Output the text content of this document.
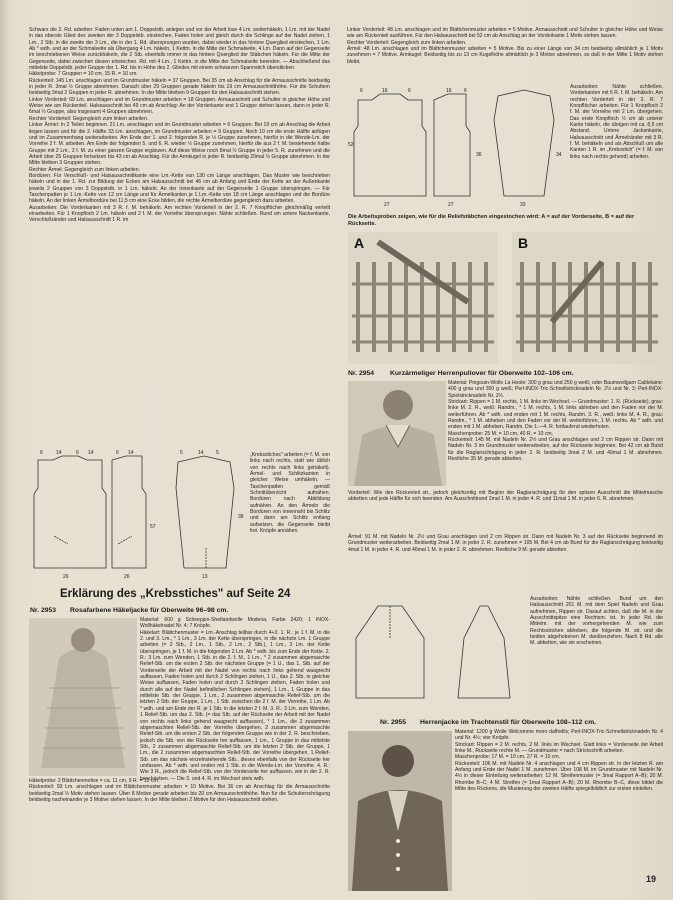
Schwarz die 2. Rd. arbeiten: Faden unten am 1. Doppelstb. anlegen und vor der Arbeit lose 4 Lm. weiterhäkeln, 1 Lm. mit der Nadel in das oberste Glied des zweiten der 3 Doppelstb. einstechen, Faden holen und gleich durch die Schlinge auf der Nadel ziehen, 1 Lm., 2 Stb. in die zweite der 3 Lm., die in der 1. Rd. übersprungen wurden, dabei wieder in das hintere Querglied einstechen, 1 Lm. Ab * wdh. und an der Schmalseite als Übergang 4 Lm. häkeln, 1 Kettm. in die Mitte der Schmalseite, 4 Lm. Dann auf der Gegenseite im beschriebenen Weise zurückhäkeln, die 2 Stb. ebenfalls immer in das hintere Querglied der Stäbchen häkeln. Für die Mitte der Gegenseite, dabei zwischen diesen einstechen. Rd. mit 4 Lm., 1 Kettm. in die Mitte der Schmalseite beenden. — Abschließend das mittelste Doppelstb. jeder Gruppe der 1. Rd. bis in Höhe des 2. Gliedes mit einem schwarzen Spannstich überstiicken.

Häkelprobe: 7 Gruppen = 10 cm, 15 R. = 10 cm.

Rückenteil: 145 Lm. anschlagen und im Grundmuster häkeln = 37 Gruppen. Bei 35 cm ab Anschlag für die Armausschnitte beidseitig in jeder R. 3mal ½ Gruppe abnehmen. Danach über 29 Gruppen gerade häkeln bis 19 cm Armausschnitthöhe. Für die Schultern beidseitig 3mal 2 Gruppen in jeder R. abnehmen. In der Mitte bleiben 9 Gruppen für den Halsausschnitt stehen.

Linker Vorderteil: 69 Lm. anschlagen und im Grundmuster arbeiten = 18 Gruppen. Armausschnitt und Schulter in gleicher Höhe und Weise wie am Rückenteil. Halsausschnitt bei 49 cm ab Anschlag: An der Vorderkante erst 1 Gruppe stehen lassen, dann in jeder R. 6mal ½ Gruppe, also insgesamt 4 Gruppen abnehmen.

Rechter Vorderteil: Gegengleich zum linken arbeiten.

Linker Ärmel: In 2 Teilen beginnen. 21 Lm. anschlagen und im Grundmuster arbeiten = 6 Gruppen. Bei 19 cm ab Anschlag die Arbeit liegen lassen und für die 2. Hälfte 33 Lm. anschlagen, im Grundmuster arbeiten = 9 Gruppen. Noch 10 cm die erste Hälfte anfügen und im Zusammenhang weiterarbeiten. Am Ende der 1. und 2. folgenden R. je ½ Gruppe zunehmen, hierfür in die Wende-Lm. der Vorreihe 2 f. M. arbeiten. Am Ende der folgenden 5. und 6. R. wieder ½ Gruppe zunehmen, hierfür die aus 2 f. M. bestehende halbe Gruppe mit 2 Lm., 2 f. M. zu einer ganzen Gruppe ergänzen. Auf diese Weise noch 8mal ½ Gruppe in jeder 5. R. zunehmen und die Arbeit über 25 Gruppen fortsetzen bis 43 cm ab Anschlag. Für die Armkugel in jeder R. beidseitig 20mal ½ Gruppe abnehmen. In der Mitte bleiben 3 Gruppen stehen.

Rechter Ärmel: Gegengleich zum linken arbeiten.

Bordüren: Für Verschluß- und Halsausschnittkante eine Lm.-Kette von 130 cm Länge anschlagen. Das Muster wie beschrieben häkeln und in der 1. Rd. zur Bildung der Ecken am Halsausschnitt bei 46 cm ab Anfang und Ende der Kette an der Außenkante jeweils 2 Gruppen von 3 Doppelstb. in 1 Lm. häkeln. An der Innenkante auf der Gegenseite 1 Gruppe überspringen. — Für Taschenpatten je 1 Lm.-Kette von 12 cm Länge und für Ärmelkanten je 1 Lm.-Kette von 18 cm Länge anschlagen und die Bordüre häkeln. An der linken Ärmelbordüre bei 11,5 cm eine Ecke bilden, die rechte Ärmelbordüre gegengleich dazu arbeiten.

Ausarbeiten: Die Vorderkanten mit 3 R. f. M. behäkeln. Am rechten Vorderteil in der 2. R. 7 Knopflöcher gleichmäßig verteilt einarbeiten. Für 1 Knopfloch 2 Lm. häkeln und 2 f. M. der Vorreihe übersprungen. Nähte schließen. Rund um untere Nackenkante, Verschlußränder und Halsausschnitt 1 R. im

6	14	6 14	6 14	5	14 5
57
38
26	26	13

„Krebsstiches" arbeiten (= f. M. von links nach rechts, statt wie üblich von rechts nach links gehäkelt). Ärmel- und Schlitzkanten in gleicher Weise umhäkeln. — Taschenpatten gemäß Schnittüberzicht aufnähen. Bordüren nach Abbildung aufnähen. An den Ärmeln die Bordüren von innennaht bis Schlitz und dann am Schlitz entlang aufsetzen, die Gegenseite bleibt frei. Knöpfe annähen.

Erklärung des „Krebsstiches" auf Seite 24
Nr. 2953 Rosafarbene Häkeljacke für Oberweite 96–98 cm.

Material: 600 g Scheepjes-Shetlandwolle Modena, Farbe 2420; 1 INOX-Wollhäkelnadel Nr. 4; 7 Knöpfe.

Häkelart: Blättchenmuster = Lm.-Anschlag teilbar durch 4+3. 1. R.: je 1 f. M. in die 2. und 3. Lm., * 1 Lm., 3 Lm. der Kette überspringen, in die nächste Lm. 1 Gruppe arbeiten (= 2 Stb., 2 Lm., 1 Stb., 2 Lm., 2 Stb.), 1 Lm., 3 Lm. der Kette überspringen, je 1 f. M. in die folgenden 2 Lm. Ab * wdh. bis zum Ende der Kette. 2. R.: 3 Lm. zum Wenden, 1 Stb. in die 2. f. M., 1 Lm., * 2 zusammen abgemaschte Relief-Stb. um die ersten 2 Stb. der nächsten Gruppe (= 1 U., das 1. Stb. auf der Vorderseite der Arbeit mit der Nadel von rechts nach links gehend waagrecht auffassen, Faden holen und durch 2 Schlingen ziehen, 1 U., das 2. Stb. in gleicher Weise auffassen, Faden holen und durch 2 Schlingen ziehen, Faden holen und durch alle auf der Nadel befindlichen Schlingen ziehen), 1 Lm., 1 Gruppe in das mittelste Stb. der Gruppe, 1 Lm., 2 zusammen abgemaschte Relief-Stb. um die letzten 2 Stb. der Gruppe, 1 Lm., 1 Stb. zwischen die 2 f. M. der Vorreihe, 1 Lm. Ab * wdh. und am Ende der R. je 1 Stb. in die letzten 2 f. M. 3. R.: 3 Lm. zum Wenden, 1 Relief-Stb. um das 2. Stb. (= das Stb. auf der Rückseite der Arbeit mit der Nadel von rechts nach links gehend waagrecht auffassen), * 1 Lm., die 2 zusammen abgemaschten Relief-Stb. der Vorreihe übergehen, 2 zusammen abgemaschte Relief-Stb. um die ersten 2 Stb. der folgenden Gruppe wie in der 2. R. beschrieben, jedoch die Stb. von der Rückseite her auffassen, 1 Lm., 1 Gruppe in das mittelste Stb., 2 zusammen abgemaschte Relief-Stb. um die letzten 2 Stb. der Gruppe, 1 Lm., die 2 zusammen abgemaschten Relief-Stb. der Vorreihe übergehen, 1 Relief-Stb. um das nächste einzelnstehende Stb., dieses ebenfalls von der Rückseite her umfassen. Ab * wdh. und enden mit 1 Stb. in die Wende-Lm. der Vorreihe. 4. R.: Wie 3 R., jedoch die Relief-Stb. von der Vorderseite her auffassen, wie in der 2. R. beschrieben. — Die 3. und 4. R. im Wechsel stets wdh.

Häkelprobe: 2 Blättchenmotive = ca. 11 cm, 9 R. = 12 cm.

Rückenteil: 93 Lm. anschlagen und im Blättchenmuster arbeiten = 10 Motive. Bei 36 cm ab Anschlag für die Armausschnitte beidseitig 2mal ½ Motiv stehen lassen. Über 8 Motive gerade arbeiten bis 20 cm Armausschnitthöhe. Nun für die Schulterschrägung beidseitig nacheinander je 3 Motive stehen lassen. In der Mitte bleiben 2 Motive für den Halsausschnitt stehen.

Linker Vorderteil: 48 Lm. anschlagen und im Blättchenmuster arbeiten = 5 Motive. Armausschnitt und Schulter in gleicher Höhe und Weise wie am Rückenteil ausführen. Für den Halsausschnitt bei 52 cm ab Anschlag an der Vorderkante 1 Motiv stehen lassen.

Rechter Vorderteil: Gegengleich zum linken arbeiten.

Ärmel: 48 Lm. anschlagen und im Blättchenmuster arbeiten = 5 Motive. Bis zu einer Länge von 34 cm beidseitig allmählich je 1 Motiv zunehmen = 7 Motive. Armkugel: Beidseitig bis zu 13 cm Kugelhöhe allmählich je 3 Motive abnehmen, so daß in der Mitte 1 Motiv stehen bleibt.

6	16	6	16 6
52
36	34
27	27	33

Ausarbeiten: Nähte schließen. Vorderkanten mit 6 R. f. M. behäkeln. Am rechten Vorderteil in der 3. R. 7 Knopflöcher arbeiten. Für 1 Knopfloch 2 f. M. der Vorreihe mit 2 Lm. übergehen. Das erste Knopfloch ½ cm ab unterer Kante häkeln, die übrigen mit ca. 8,5 cm Abstand. Untere Jackenkante, Halsausschnitt und Ärmelränder mit 3 R. f. M. behäkeln und als Abschluß um alle Kanten 1 R. im „Krebsstich" (= f. M. von links nach rechts gehend) arbeiten.

Die Arbeitsproben zeigen, wie für die Reliefstäbchen eingestochen wird: A = auf der Vorderseite, B = auf der Rückseite.
A	B
Nr. 2954 Kurzärmeliger Herrenpullover für Oberweite 102–106 cm.

Material: Pingouin-Wolle La Hoole: 300 g grau und 250 g weiß; oder Baumwollgarn Cablelaine: 400 g grau und 350 g weiß; Perl-INOX-Tric-Schnellstricknadeln Nr. 2½ und Nr. 3; Perl-INOX-Spielstricknadeln Nr. 2½.

Strickart: Rippen = 1 M. rechts, 1 M. links im Wechsel. — Grundmuster: 1. R. (Rückseite), grau: linke M. 2. R., weiß: Randm., * 1 M. rechts, 1 M. links abheben und den Faden vor der M. weiterführen. Ab * wdh. und enden mit 1 M. rechts, Randm. 3. R., weiß: linke M. 4. R., grau: Randm., * 1 M. abheben und den Faden vor der M. weiterführen, 1 M. rechts. Ab * wdh. und enden mit 1 M. abheben, Randm. Die 1.—4. R. fortlaufend wiederholen.

Maschenprobe: 25 M. = 10 cm, 40 R. = 10 cm.

Rückenteil: 145 M. mit Nadeln Nr. 2½ und Grau anschlagen und 2 cm Rippen str. Dann mit Nadeln Nr. 3 im Grundmuster weiterarbeiten, auf der Rückseite beginnen. Bei 42 cm ab Bund für die Raglanschrägung in jeder 2. R. beidseitig 3mal 2 M. und 49mal 1 M. abnehmen. Restliche 35 M. gerade abketten.

Vorderteil: Wie den Rückenteil str., jedoch gleichzeitig mit Beginn der Raglanschrägung für den spitzen Ausschnitt die Mittelmasche abketten und jede Hälfte für sich beenden. Am Ausschnittrand 2mal 1 M. in jeder 4. R. und 11mal 1 M. in jeder 6. R. abnehmen.

Ärmel: 91 M. mit Nadeln Nr. 2½ und Grau anschlagen und 2 cm Rippen str. Dann mit Nadeln Nr. 3 auf der Rückseite beginnend im Grundmuster weiterarbeiten. Beidseitig 2mal 1 M. in jeder 2. R. zunehmen = 105 M. Bei 4 cm ab Bund für die Raglanschrägung beidseitig 4mal 1 M. in jeder 4. R. und 46mal 1 M. in jeder 2. R. abnehmen. Restliche 9 M. gerade abketten.

Ausarbeiten: Nähte schließen. Bund um den Halsausschnitt 201 M. mit dem Spiel Nadeln und Grau aufnehmen, Rippen str. Darauf achten, daß die M. in der Ausschnittspitze eine Rechtsm. ist. In jeder Rd. die Mittelm. mit der vorhergehenden M. wie zum Rechtsstricken abheben, die folgende M. str. und die beiden abgehobenen M. darüberziehen. Nach 8 Rd. alle M. abketten, wie sie erscheinen.

Nr. 2955 Herrenjacke im Trachtenstil für Oberweite 108–112 cm.

Material: 1200 g Wolle Welcomme moro daffodils; Perl-INOX-Tric-Schnellstricknadeln Nr. 4 und Nr. 4½; vier Knöpfe.

Strickart: Rippen = 2 M. rechts, 2 M. links im Wechsel. Glatt links = Vorderseite der Arbeit linke M., Rückseite rechte M. — Grundmuster = nach Strickschrift arbeiten.

Maschenprobe: 17 M. = 10 cm, 27 R. = 10 cm.

Rückenteil: 106 M. mit Nadeln Nr. 4 anschlagen und 4 cm Rippen str. In der letzten R. am Anfang und Ende der Nadel 1 M. zunehmen. Über 108 M. im Grundmuster mit Nadeln Nr. 4½ in dieser Einteilung weiterarbeiten: 12 M. Streifenmuster (= 3mal Rapport A–B); 20 M. Rhombe B–C; 4 M. Streifen (= 1mal Rapport A–B); 20 M. Rhombe B–C, diese bildet die Mitte des Rückens, die Musterung der zweiten Hälfte spiegelbildlich zur ersten einteilen.

19
